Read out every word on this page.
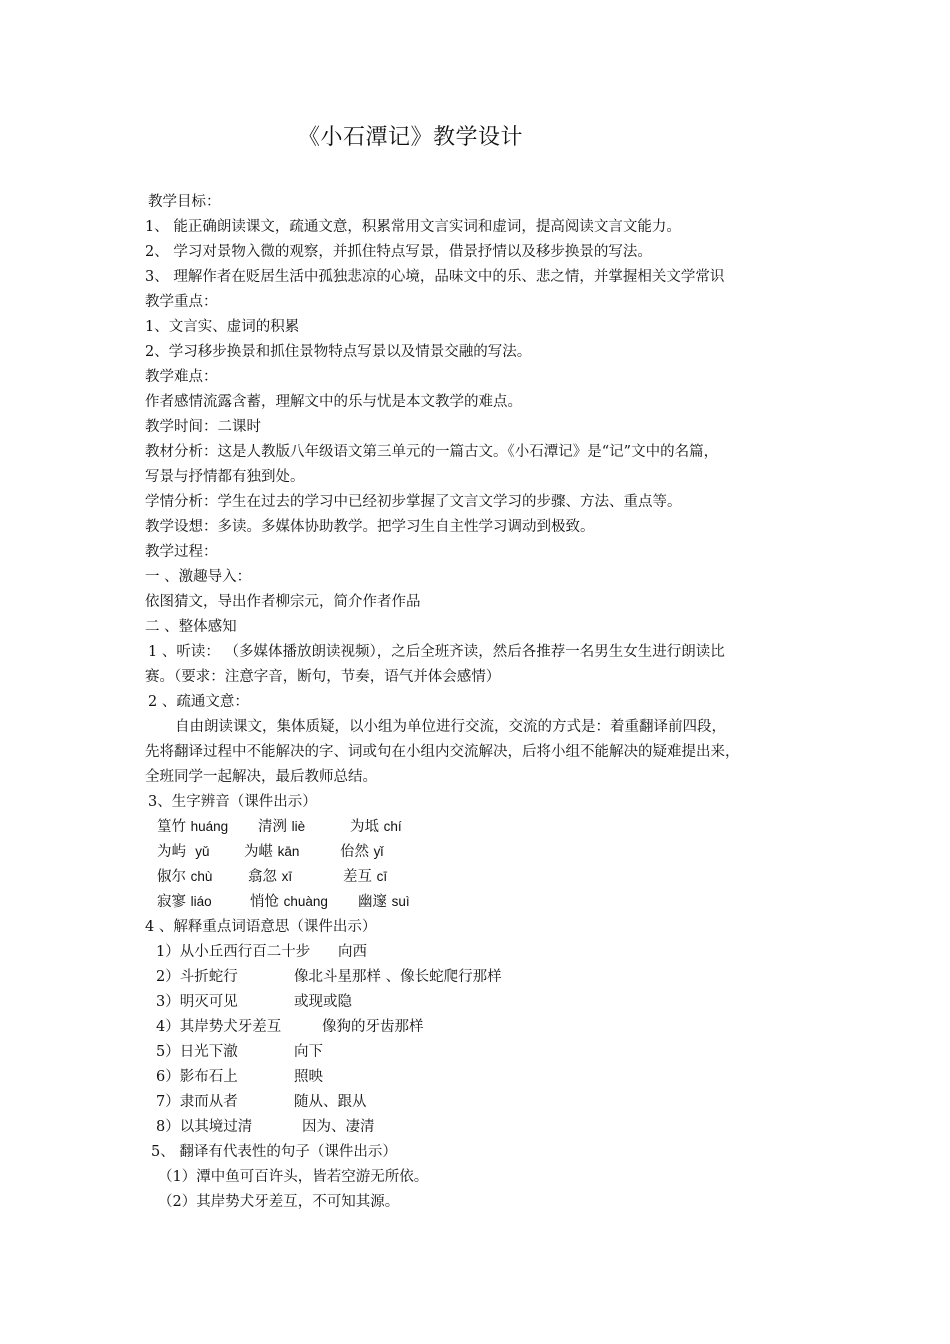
《小石潭记》教学设计
教学目标：
1、 能正确朗读课文，疏通文意，积累常用文言实词和虚词，提高阅读文言文能力。
2、 学习对景物入微的观察，并抓住特点写景，借景抒情以及移步换景的写法。
3、 理解作者在贬居生活中孤独悲凉的心境，品味文中的乐、悲之情，并掌握相关文学常识
教学重点：
1、文言实、虚词的积累
2、学习移步换景和抓住景物特点写景以及情景交融的写法。
教学难点：
作者感情流露含蓄，理解文中的乐与忧是本文教学的难点。
教学时间：二课时
教材分析：这是人教版八年级语文第三单元的一篇古文。《小石潭记》是“记”文中的名篇，
写景与抒情都有独到处。
学情分析：学生在过去的学习中已经初步掌握了文言文学习的步骤、方法、重点等。
教学设想：多读。多媒体协助教学。把学习生自主性学习调动到极致。
教学过程：
一 、激趣导入：
依图猜文，导出作者柳宗元，简介作者作品
二 、整体感知
1 、听读： （多媒体播放朗读视频），之后全班齐读，然后各推荐一名男生女生进行朗读比
赛。（要求：注意字音，断句，节奏，语气并体会感情）
2 、疏通文意：
自由朗读课文，集体质疑，以小组为单位进行交流，交流的方式是：着重翻译前四段，
先将翻译过程中不能解决的字、词或句在小组内交流解决，后将小组不能解决的疑难提出来，
全班同学一起解决，最后教师总结。
3、生字辨音（课件出示）
篁竹 huáng 清洌 liè	为坻 chí
为屿 yǔ 为嵁 kān	佁然 yǐ
俶尔 chù 翕忽 xī	差互 cī
寂寥 liáo	悄怆 chuàng 幽邃 suì
4 、解释重点词语意思（课件出示）
1）从小丘西行百二十步 向西
2）斗折蛇行	像北斗星那样 、像长蛇爬行那样
3）明灭可见	或现或隐
4）其岸势犬牙差互	像狗的牙齿那样
5）日光下澈	向下
6）影布石上	照映
7）隶而从者	随从、跟从
8）以其境过清	因为、凄清
5、 翻译有代表性的句子（课件出示）
（1）潭中鱼可百许头，皆若空游无所依。
（2）其岸势犬牙差互，不可知其源。
